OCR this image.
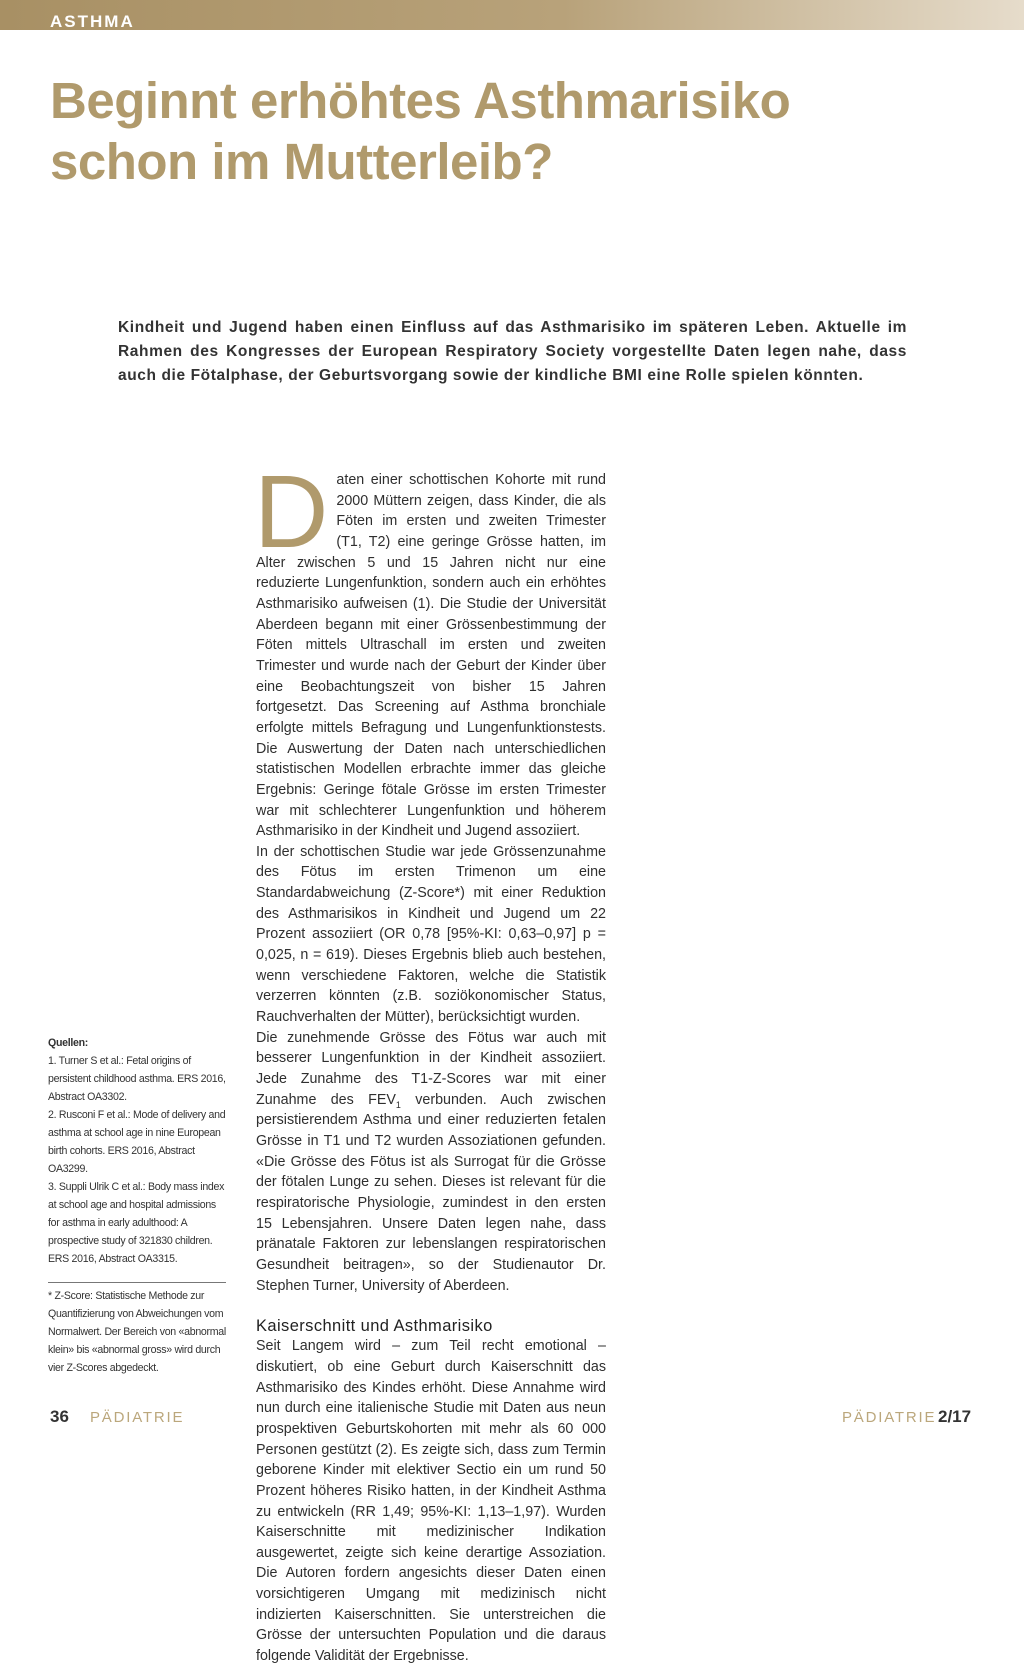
ASTHMA
Beginnt erhöhtes Asthmarisiko schon im Mutterleib?

Kindheit und Jugend haben einen Einfluss auf das Asthmarisiko im späteren Leben. Aktuelle im Rahmen des Kongresses der European Respiratory Society vorgestellte Daten legen nahe, dass auch die Fötalphase, der Geburtsvorgang sowie der kindliche BMI eine Rolle spielen könnten.

Daten einer schottischen Kohorte mit rund 2000 Müttern zeigen, dass Kinder, die als Föten im ersten und zweiten Trimester (T1, T2) eine geringe Grösse hatten, im Alter zwischen 5 und 15 Jahren nicht nur eine reduzierte Lungenfunktion, sondern auch ein erhöhtes Asthmarisiko aufweisen (1). Die Studie der Universität Aberdeen begann mit einer Grössenbestimmung der Föten mittels Ultraschall im ersten und zweiten Trimester und wurde nach der Geburt der Kinder über eine Beobachtungszeit von bisher 15 Jahren fortgesetzt. Das Screening auf Asthma bronchiale erfolgte mittels Befragung und Lungenfunktionstests. Die Auswertung der Daten nach unterschiedlichen statistischen Modellen erbrachte immer das gleiche Ergebnis: Geringe fötale Grösse im ersten Trimester war mit schlechterer Lungenfunktion und höherem Asthmarisiko in der Kindheit und Jugend assoziiert.

In der schottischen Studie war jede Grössenzunahme des Fötus im ersten Trimenon um eine Standardabweichung (Z-Score*) mit einer Reduktion des Asthmarisikos in Kindheit und Jugend um 22 Prozent assoziiert (OR 0,78 [95%-KI: 0,63–0,97] p = 0,025, n = 619). Dieses Ergebnis blieb auch bestehen, wenn verschiedene Faktoren, welche die Statistik verzerren könnten (z.B. soziökonomischer Status, Rauchverhalten der Mütter), berücksichtigt wurden.

Die zunehmende Grösse des Fötus war auch mit besserer Lungenfunktion in der Kindheit assoziiert. Jede Zunahme des T1-Z-Scores war mit einer Zunahme des $FEV_1$ verbunden. Auch zwischen persistierendem Asthma und einer reduzierten fetalen Grösse in T1 und T2 wurden Assoziationen gefunden. «Die Grösse des Fötus ist als Surrogat für die Grösse der fötalen Lunge zu sehen. Dieses ist relevant für die respiratorische Physiologie, zumindest in den ersten 15 Lebensjahren. Unsere Daten legen nahe, dass pränatale Faktoren zur lebenslangen respiratorischen Gesundheit beitragen», so der Studienautor Dr. Stephen Turner, University of Aberdeen.

Kaiserschnitt und Asthmarisiko

Seit Langem wird – zum Teil recht emotional – diskutiert, ob eine Geburt durch Kaiserschnitt das Asthmarisiko des Kindes erhöht. Diese Annahme wird nun durch eine italienische Studie mit Daten aus neun prospektiven Geburtskohorten mit mehr als 60 000 Personen gestützt (2). Es zeigte sich, dass zum Termin geborene Kinder mit elektiver Sectio ein um rund 50 Prozent höheres Risiko hatten, in der Kindheit Asthma zu entwickeln (RR 1,49; 95%-KI: 1,13–1,97). Wurden Kaiserschnitte mit medizinischer Indikation ausgewertet, zeigte sich keine derartige Assoziation. Die Autoren fordern angesichts dieser Daten einen vorsichtigeren Umgang mit medizinisch nicht indizierten Kaiserschnitten. Sie unterstreichen die Grösse der untersuchten Population und die daraus folgende Validität der Ergebnisse.

Quellen:

1. Turner S et al.: Fetal origins of persistent childhood asthma. ERS 2016, Abstract OA3302.

2. Rusconi F et al.: Mode of delivery and asthma at school age in nine European birth cohorts. ERS 2016, Abstract OA3299.

3. Suppli Ulrik C et al.: Body mass index at school age and hospital admissions for asthma in early adulthood: A prospective study of 321830 children. ERS 2016, Abstract OA3315.

* Z-Score: Statistische Methode zur Quantifizierung von Abweichungen vom Normalwert. Der Bereich von «abnormal klein» bis «abnormal gross» wird durch vier Z-Scores abgedeckt.

36 PÄDIATRIE	PÄDIATRIE 2/17
